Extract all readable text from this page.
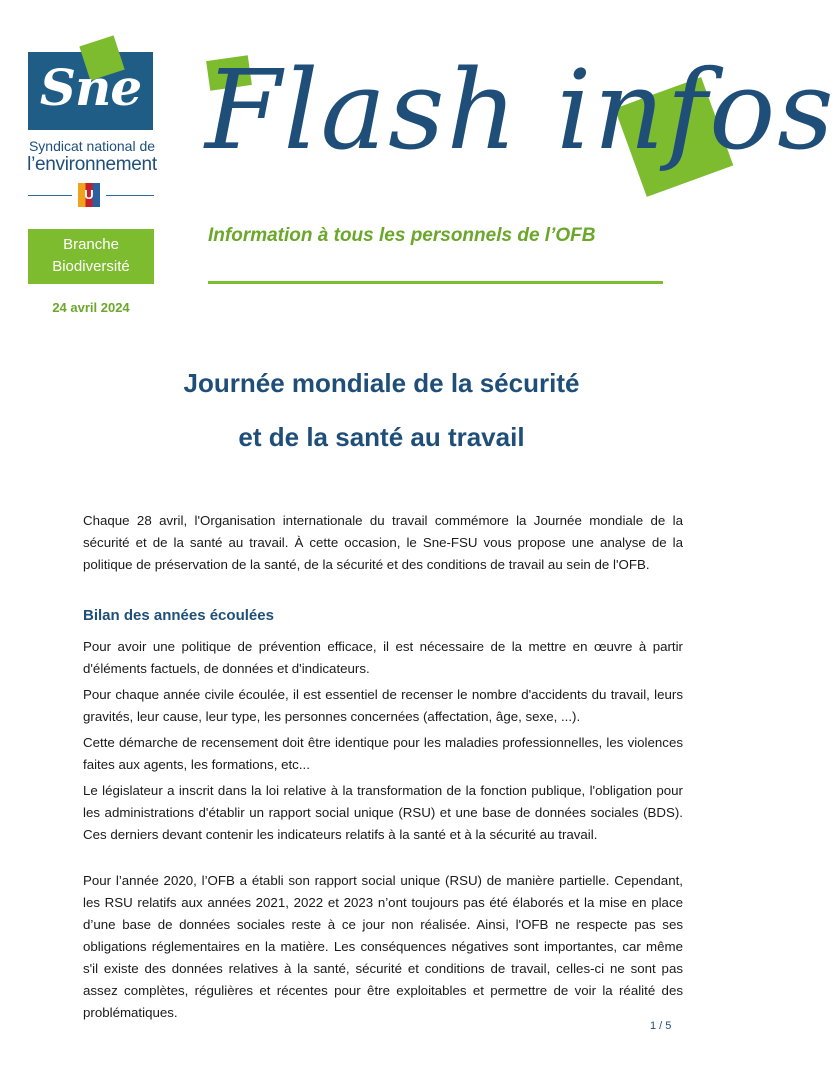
Sne
Syndicat national de
l’environnement
U
Branche
Biodiversité
24 avril 2024
Flash infos
Information à tous les personnels de l’OFB
Journée mondiale de la sécurité
et de la santé au travail
Chaque 28 avril, l'Organisation internationale du travail commémore la Journée mondiale de la sécurité et de la santé au travail. À cette occasion, le Sne-FSU vous propose une analyse de la politique de préservation de la santé, de la sécurité et des conditions de travail au sein de l'OFB.
Bilan des années écoulées
Pour avoir une politique de prévention efficace, il est nécessaire de la mettre en œuvre à partir d'éléments factuels, de données et d'indicateurs.
Pour chaque année civile écoulée, il est essentiel de recenser le nombre d'accidents du travail, leurs gravités, leur cause, leur type, les personnes concernées (affectation, âge, sexe, ...).
Cette démarche de recensement doit être identique pour les maladies professionnelles, les violences faites aux agents, les formations, etc...
Le législateur a inscrit dans la loi relative à la transformation de la fonction publique, l'obligation pour les administrations d'établir un rapport social unique (RSU) et une base de données sociales (BDS). Ces derniers devant contenir les indicateurs relatifs à la santé et à la sécurité au travail.
Pour l’année 2020, l’OFB a établi son rapport social unique (RSU) de manière partielle. Cependant, les RSU relatifs aux années 2021, 2022 et 2023 n’ont toujours pas été élaborés et la mise en place d’une base de données sociales reste à ce jour non réalisée. Ainsi, l'OFB ne respecte pas ses obligations réglementaires en la matière. Les conséquences négatives sont importantes, car même s'il existe des données relatives à la santé, sécurité et conditions de travail, celles-ci ne sont pas assez complètes, régulières et récentes pour être exploitables et permettre de voir la réalité des problématiques.
1 / 5
